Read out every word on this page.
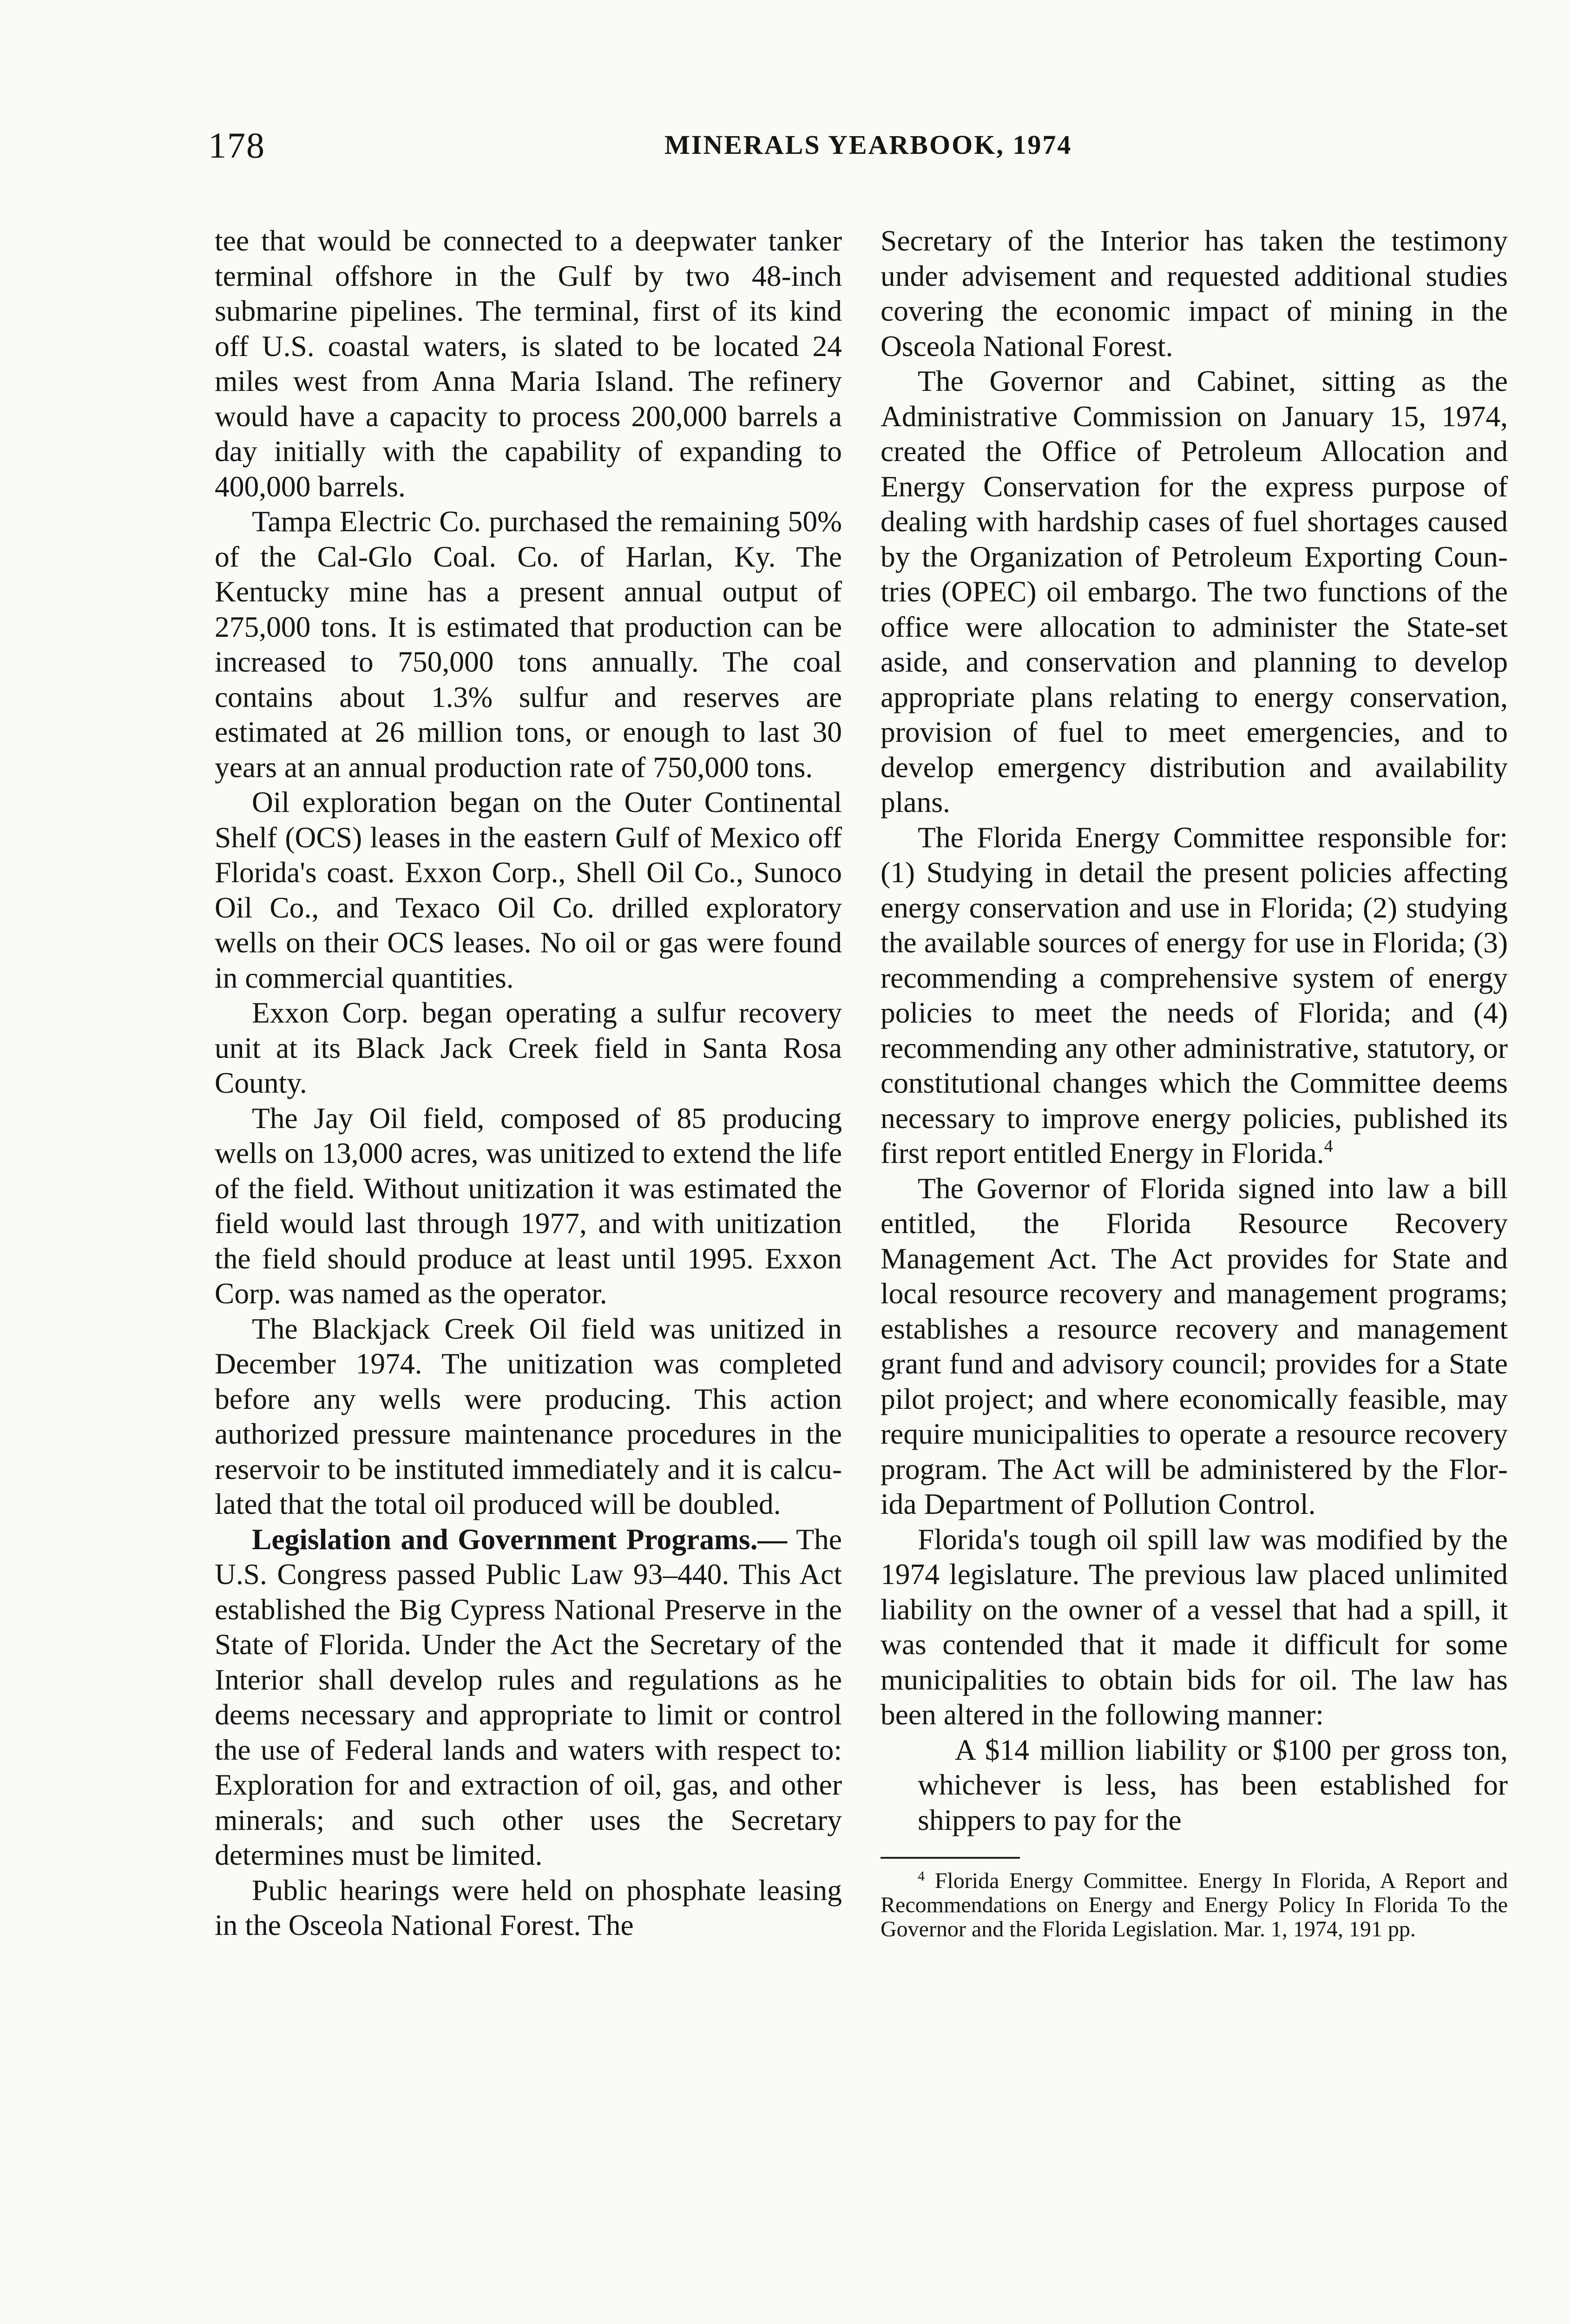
178	MINERALS YEARBOOK, 1974

tee that would be connected to a deepwater tanker terminal offshore in the Gulf by two 48-inch submarine pipelines. The terminal, first of its kind off U.S. coastal waters, is slated to be located 24 miles west from Anna Maria Island. The refinery would have a capacity to process 200,000 barrels a day initially with the capability of expanding to 400,000 barrels.

Tampa Electric Co. purchased the remaining 50% of the Cal-Glo Coal. Co. of Harlan, Ky. The Kentucky mine has a present annual output of 275,000 tons. It is estimated that production can be increased to 750,000 tons annually. The coal contains about 1.3% sulfur and reserves are estimated at 26 million tons, or enough to last 30 years at an annual production rate of 750,000 tons.

Oil exploration began on the Outer Continental Shelf (OCS) leases in the eastern Gulf of Mexico off Florida's coast. Exxon Corp., Shell Oil Co., Sunoco Oil Co., and Texaco Oil Co. drilled exploratory wells on their OCS leases. No oil or gas were found in commercial quantities.

Exxon Corp. began operating a sulfur recovery unit at its Black Jack Creek field in Santa Rosa County.

The Jay Oil field, composed of 85 producing wells on 13,000 acres, was unitized to extend the life of the field. Without unitization it was estimated the field would last through 1977, and with unitization the field should produce at least until 1995. Exxon Corp. was named as the operator.

The Blackjack Creek Oil field was unitized in December 1974. The unitization was completed before any wells were producing. This action authorized pressure maintenance procedures in the reservoir to be instituted immediately and it is calculated that the total oil produced will be doubled.

Legislation and Government Programs.— The U.S. Congress passed Public Law 93–440. This Act established the Big Cypress National Preserve in the State of Florida. Under the Act the Secretary of the Interior shall develop rules and regulations as he deems necessary and appropriate to limit or control the use of Federal lands and waters with respect to: Exploration for and extraction of oil, gas, and other minerals; and such other uses the Secretary determines must be limited.

Public hearings were held on phosphate leasing in the Osceola National Forest. The

Secretary of the Interior has taken the testimony under advisement and requested additional studies covering the economic impact of mining in the Osceola National Forest.

The Governor and Cabinet, sitting as the Administrative Commission on January 15, 1974, created the Office of Petroleum Allocation and Energy Conservation for the express purpose of dealing with hardship cases of fuel shortages caused by the Organization of Petroleum Exporting Countries (OPEC) oil embargo. The two functions of the office were allocation to administer the State-set aside, and conservation and planning to develop appropriate plans relating to energy conservation, provision of fuel to meet emergencies, and to develop emergency distribution and availability plans.

The Florida Energy Committee responsible for: (1) Studying in detail the present policies affecting energy conservation and use in Florida; (2) studying the available sources of energy for use in Florida; (3) recommending a comprehensive system of energy policies to meet the needs of Florida; and (4) recommending any other administrative, statutory, or constitutional changes which the Committee deems necessary to improve energy policies, published its first report entitled Energy in Florida.$^4$

The Governor of Florida signed into law a bill entitled, the Florida Resource Recovery Management Act. The Act provides for State and local resource recovery and management programs; establishes a resource recovery and management grant fund and advisory council; provides for a State pilot project; and where economically feasible, may require municipalities to operate a resource recovery program. The Act will be administered by the Florida Department of Pollution Control.

Florida's tough oil spill law was modified by the 1974 legislature. The previous law placed unlimited liability on the owner of a vessel that had a spill, it was contended that it made it difficult for some municipalities to obtain bids for oil. The law has been altered in the following manner:

A $14 million liability or $100 per gross ton, whichever is less, has been established for shippers to pay for the

$^4$ Florida Energy Committee. Energy In Florida, A Report and Recommendations on Energy and Energy Policy In Florida To the Governor and the Florida Legislation. Mar. 1, 1974, 191 pp.
